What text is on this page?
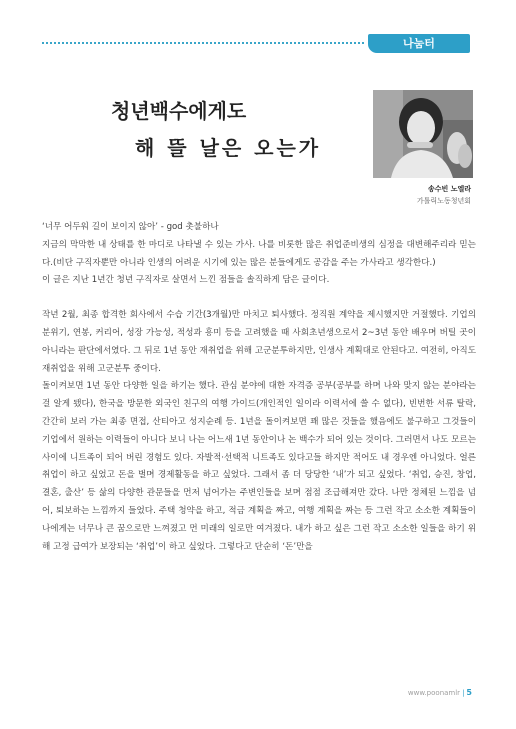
나눔터
청년백수에게도
해 뜰 날은 오는가
송수빈 노엘라
가톨릭노동청년회

‘너무 어두워 길이 보이지 않아’ - god 촛불하나
지금의 막막한 내 상태를 한 마디로 나타낼 수 있는 가사. 나를 비롯한 많은 취업준비생의 심정을 대변해주리라 믿는다.(비단 구직자뿐만 아니라 인생의 어려운 시기에 있는 많은 분들에게도 공감을 주는 가사라고 생각한다.)
이 글은 지난 1년간 청년 구직자로 살면서 느낀 점들을 솔직하게 담은 글이다.

작년 2월, 최종 합격한 회사에서 수습 기간(3개월)만 마치고 퇴사했다. 정직원 계약을 제시했지만 거절했다. 기업의 분위기, 연봉, 커리어, 성장 가능성, 적성과 흥미 등을 고려했을 때 사회초년생으로서 2~3년 동안 배우며 버틸 곳이 아니라는 판단에서였다. 그 뒤로 1년 동안 재취업을 위해 고군분투하지만, 인생사 계획대로 안된다고. 여전히, 아직도 재취업을 위해 고군분투 중이다.

돌이켜보면 1년 동안 다양한 일을 하기는 했다. 관심 분야에 대한 자격증 공부(공부를 하며 나와 맞지 않는 분야라는 걸 알게 됐다), 한국을 방문한 외국인 친구의 여행 가이드(개인적인 일이라 이력서에 쓸 수 없다), 빈번한 서류 탈락, 간간히 보러 가는 최종 면접, 산티아고 성지순례 등. 1년을 돌이켜보면 꽤 많은 것들을 했음에도 불구하고 그것들이 기업에서 원하는 이력들이 아니다 보니 나는 어느새 1년 동안이나 논 백수가 되어 있는 것이다. 그러면서 나도 모르는 사이에 니트족이 되어 버린 경험도 있다. 자발적·선택적 니트족도 있다고들 하지만 적어도 내 경우엔 아니었다. 얼른 취업이 하고 싶었고 돈을 벌며 경제활동을 하고 싶었다. 그래서 좀 더 당당한 ‘내’가 되고 싶었다. ‘취업, 승진, 창업, 결혼, 출산’ 등 삶의 다양한 관문들을 먼저 넘어가는 주변인들을 보며 점점 조급해져만 갔다. 나만 정체된 느낌을 넘어, 퇴보하는 느낌까지 들었다. 주택 청약을 하고, 적금 계획을 짜고, 여행 계획을 짜는 등 그런 작고 소소한 계획들이 나에게는 너무나 큰 꿈으로만 느껴졌고 먼 미래의 일로만 여겨졌다. 내가 하고 싶은 그런 작고 소소한 일들을 하기 위해 고정 급여가 보장되는 ‘취업’이 하고 싶었다. 그렇다고 단순히 ‘돈’만을

www.poonamlr | 5
